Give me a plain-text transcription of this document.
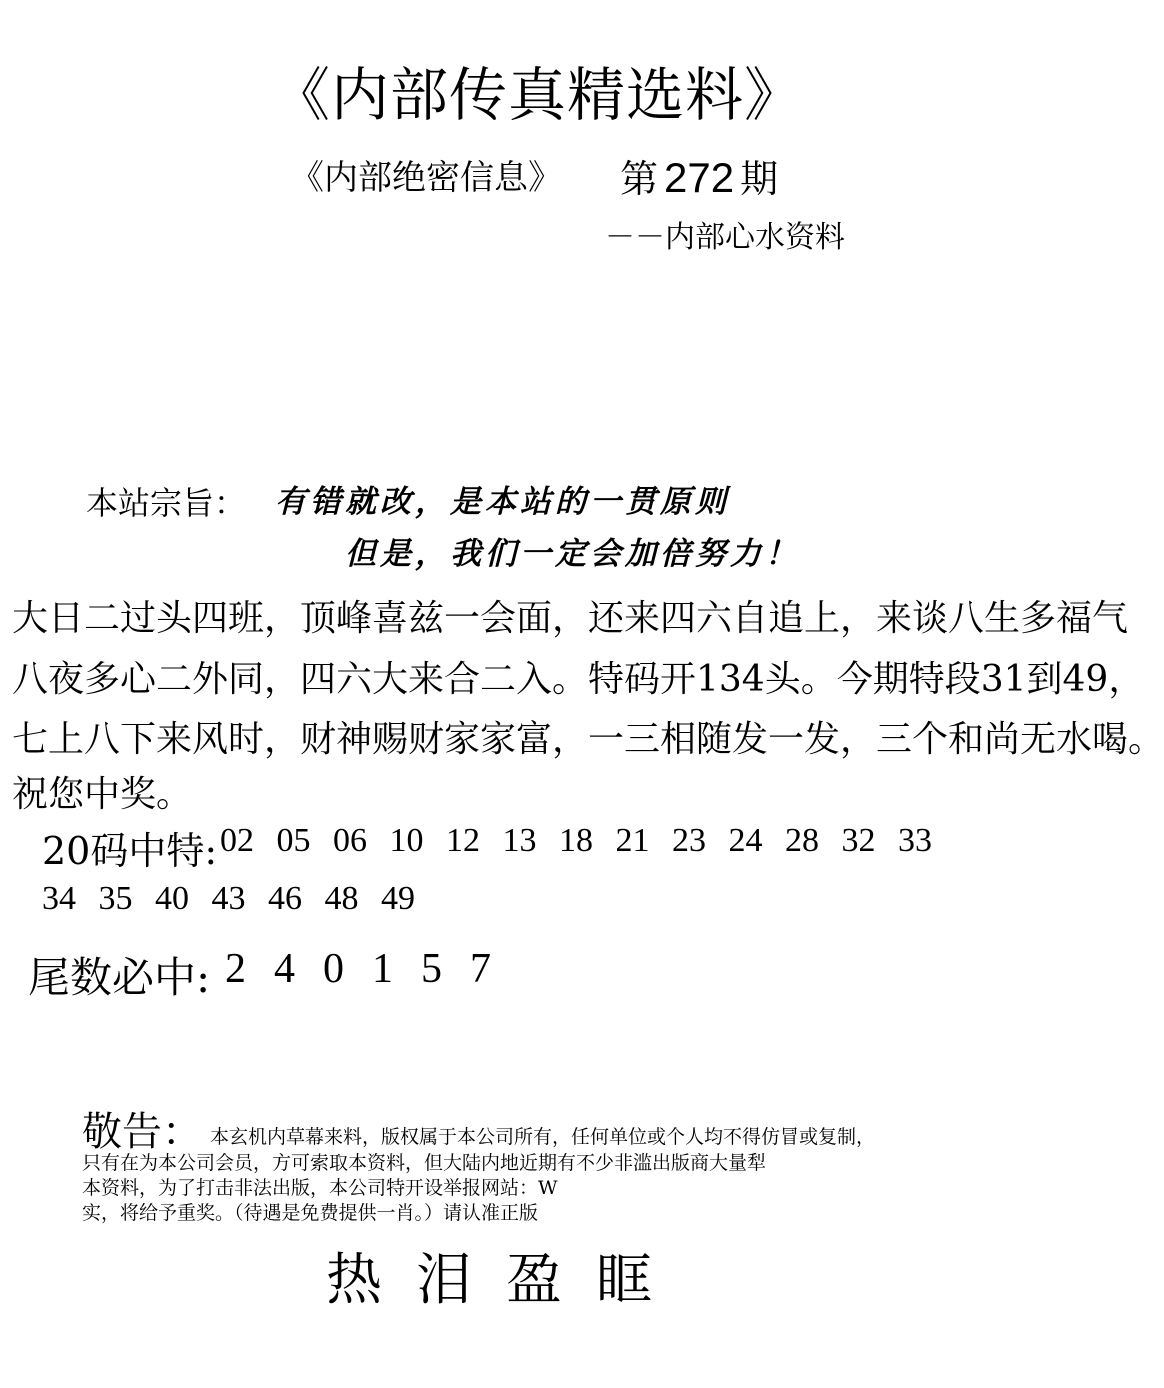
《内部传真精选料》
《内部绝密信息》 第 272 期
－－内部心水资料
本站宗旨： 有错就改，是本站的一贯原则
但是，我们一定会加倍努力！
大日二过头四班，顶峰喜兹一会面，还来四六自追上，来谈八生多福气
八夜多心二外同，四六大来合二入。特码开134头。今期特段31到49，
七上八下来风时，财神赐财家家富，一三相随发一发，三个和尚无水喝。
祝您中奖。
20码中特: 02 05 06 10 12 13 18 21 23 24 28 32 33
34 35 40 43 46 48 49
尾数必中: 240157
敬告： 本玄机内草幕来料，版权属于本公司所有，任何单位或个人均不得仿冒或复制，
只有在为本公司会员，方可索取本资料，但大陆内地近期有不少非滥出版商大量犁
本资料，为了打击非法出版，本公司特开设举报网站：W
实，将给予重奖。（待遇是免费提供一肖。）请认准正版
热泪盈眶
